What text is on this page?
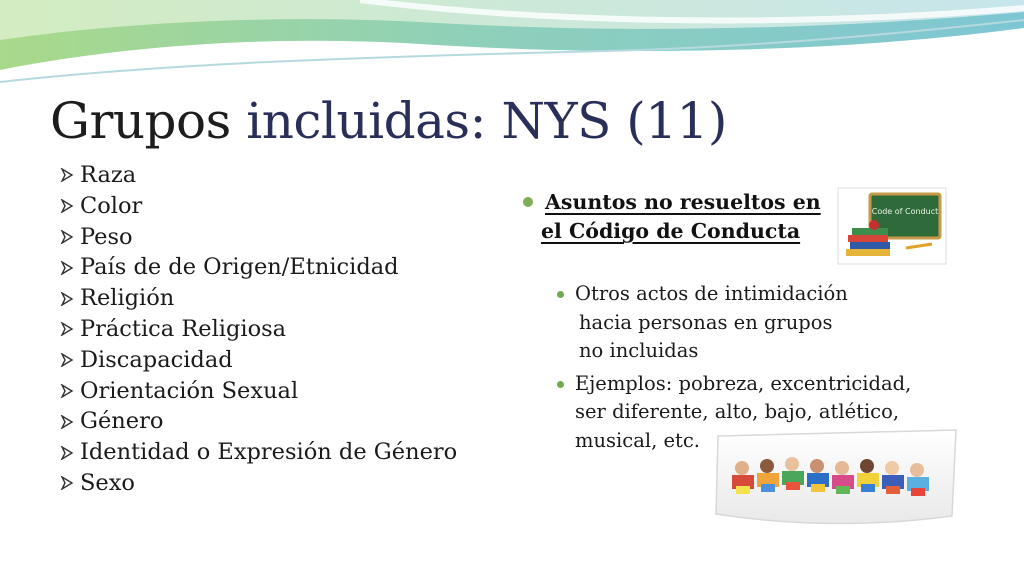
Grupos incluidas: NYS (11)
Raza
Color
Peso
País de de Origen/Etnicidad
Religión
Práctica Religiosa
Discapacidad
Orientación Sexual
Género
Identidad o Expresión de Género
Sexo
Asuntos no resueltos en
el Código de Conducta
Otros actos de intimidación
hacia personas en grupos
no incluidas
Ejemplos: pobreza, excentricidad,
ser diferente, alto, bajo, atlético,
musical, etc.
Code of Conduct
